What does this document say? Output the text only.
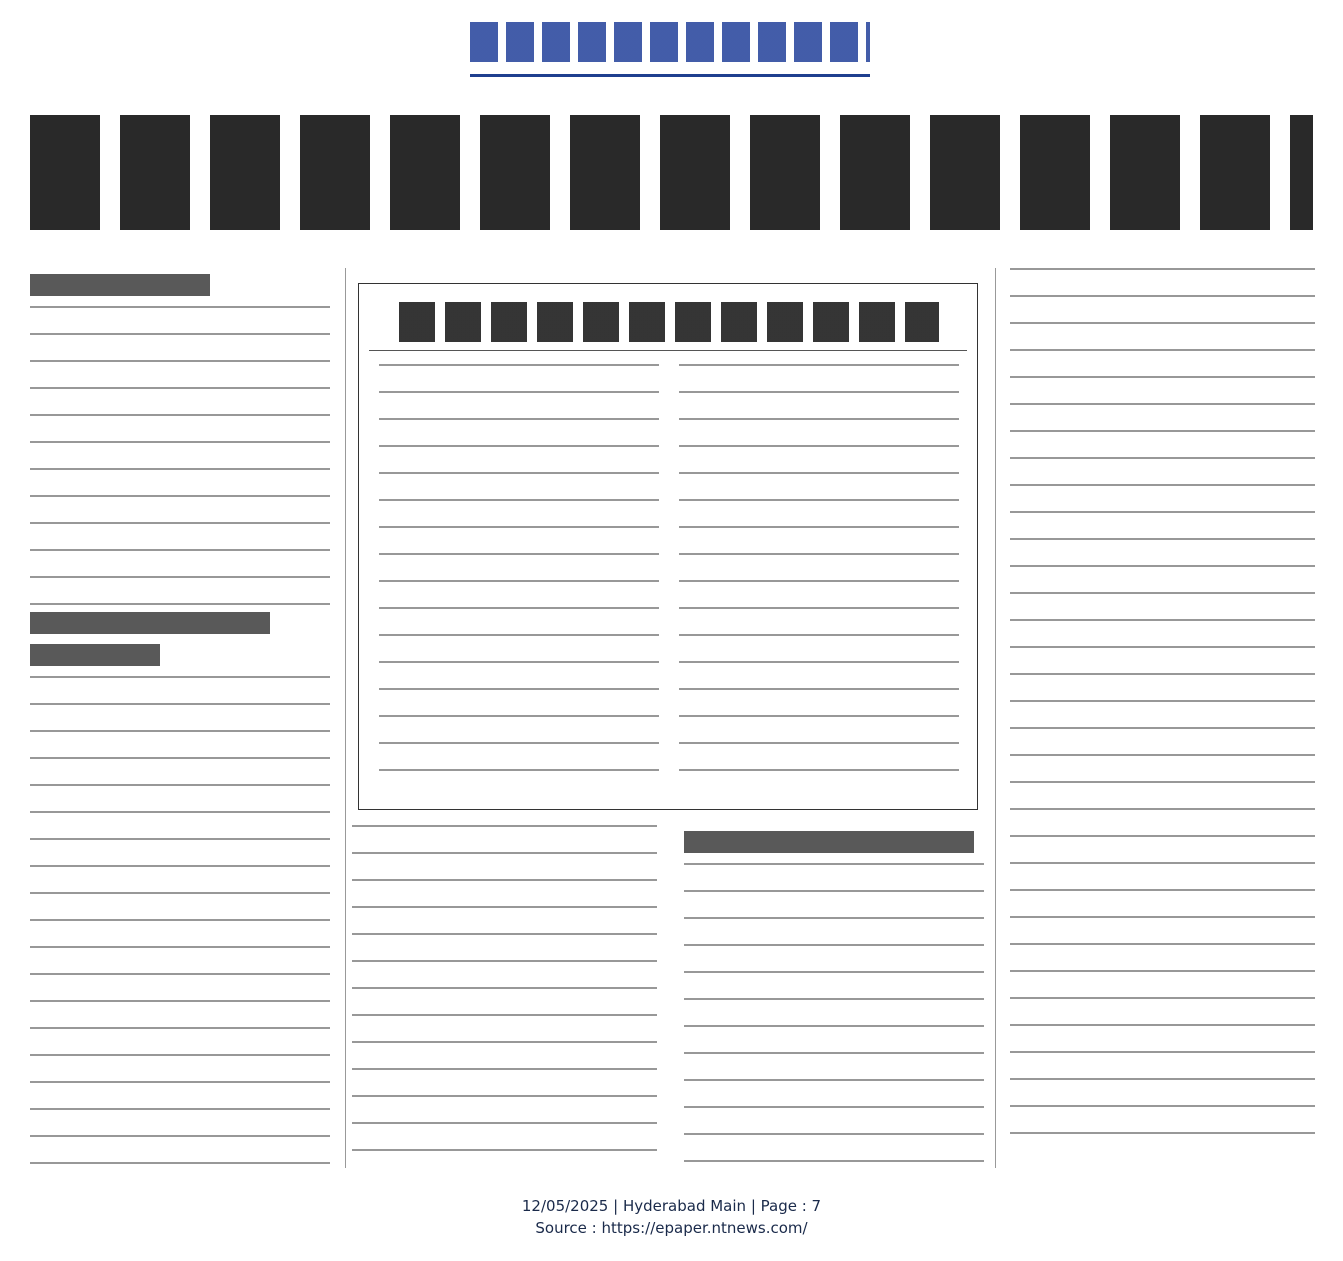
12/05/2025 | Hyderabad Main | Page : 7
Source : https://epaper.ntnews.com/
